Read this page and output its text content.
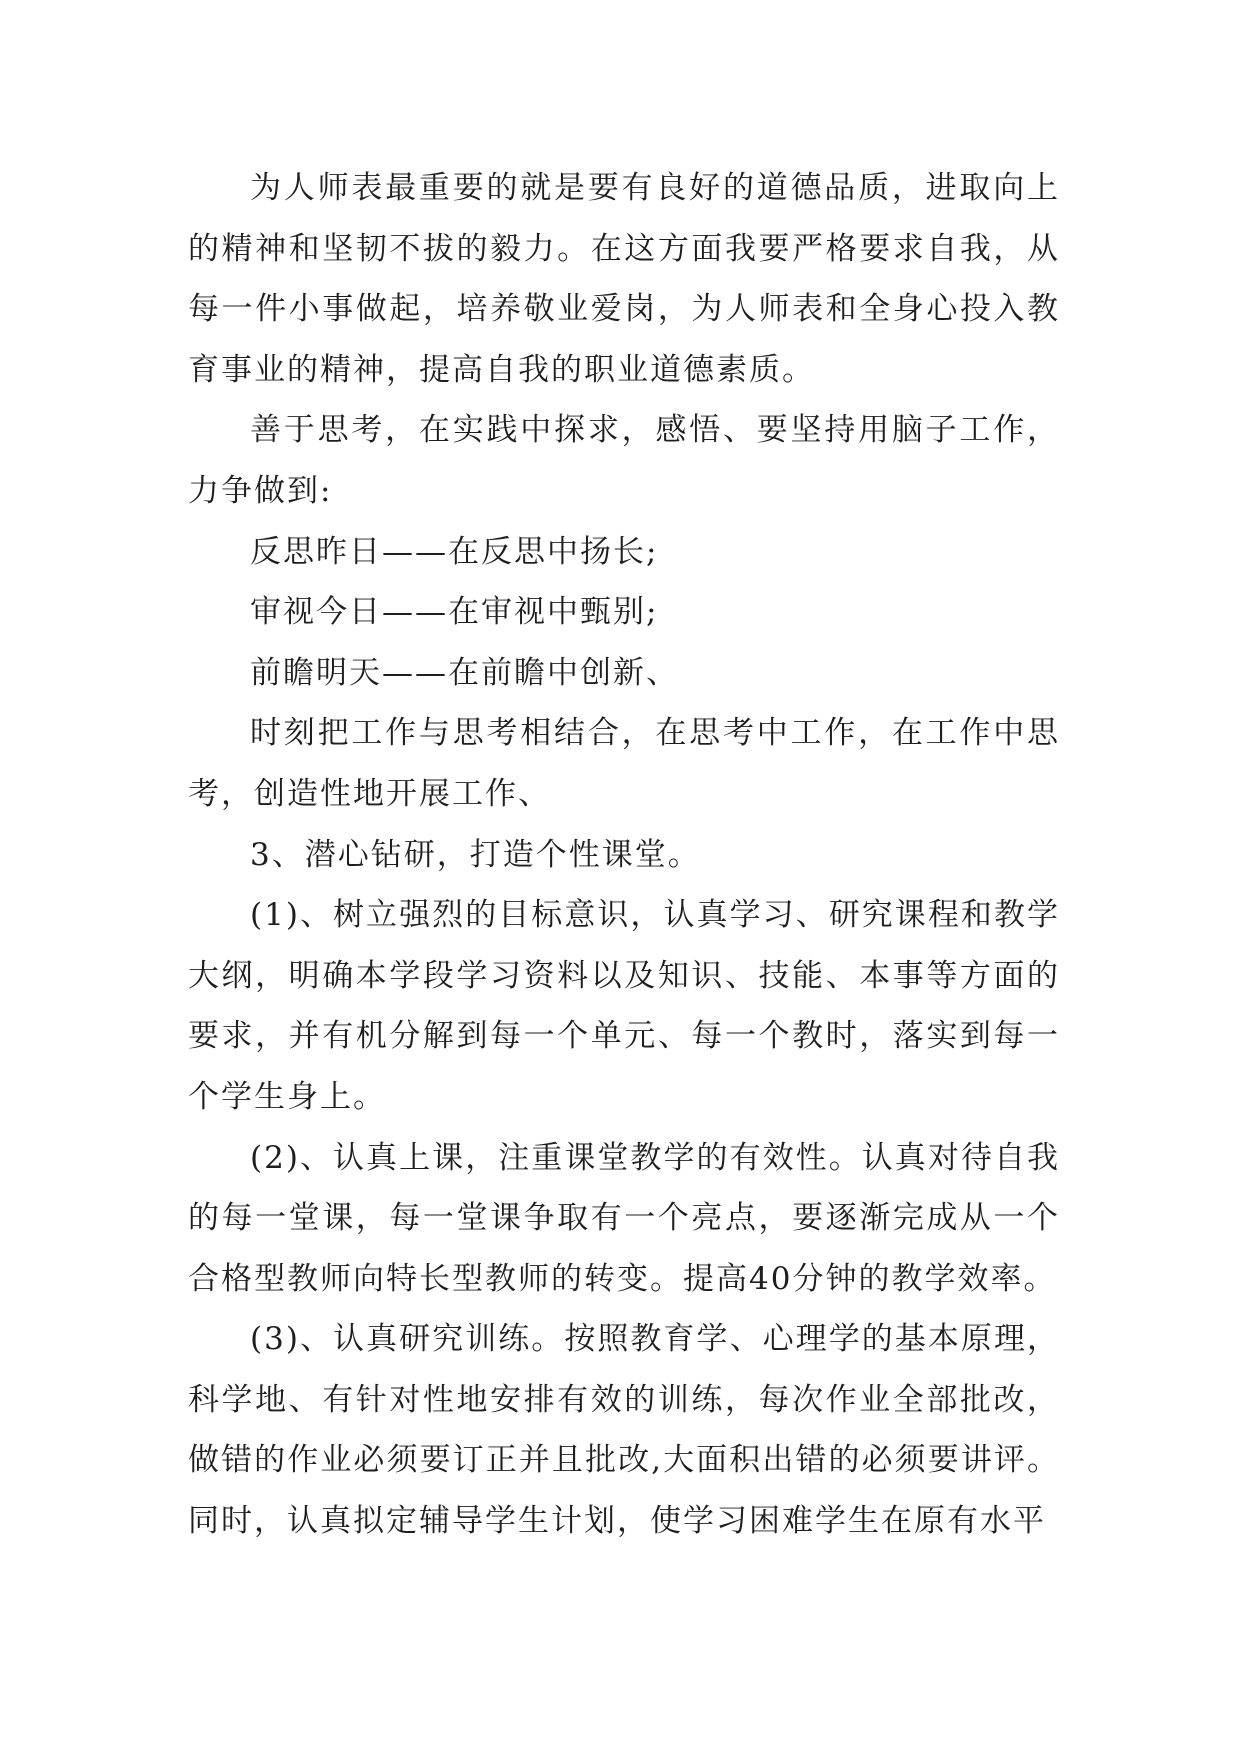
为人师表最重要的就是要有良好的道德品质，进取向上的精神和坚韧不拔的毅力。在这方面我要严格要求自我，从每一件小事做起，培养敬业爱岗，为人师表和全身心投入教育事业的精神，提高自我的职业道德素质。

善于思考，在实践中探求，感悟、要坚持用脑子工作，力争做到:

反思昨日——在反思中扬长;

审视今日——在审视中甄别;

前瞻明天——在前瞻中创新、

时刻把工作与思考相结合，在思考中工作，在工作中思考，创造性地开展工作、

3、潜心钻研，打造个性课堂。

(1)、树立强烈的目标意识，认真学习、研究课程和教学大纲，明确本学段学习资料以及知识、技能、本事等方面的要求，并有机分解到每一个单元、每一个教时，落实到每一个学生身上。

(2)、认真上课，注重课堂教学的有效性。认真对待自我的每一堂课，每一堂课争取有一个亮点，要逐渐完成从一个合格型教师向特长型教师的转变。提高40分钟的教学效率。

(3)、认真研究训练。按照教育学、心理学的基本原理，科学地、有针对性地安排有效的训练，每次作业全部批改，做错的作业必须要订正并且批改,大面积出错的必须要讲评。同时，认真拟定辅导学生计划，使学习困难学生在原有水平
